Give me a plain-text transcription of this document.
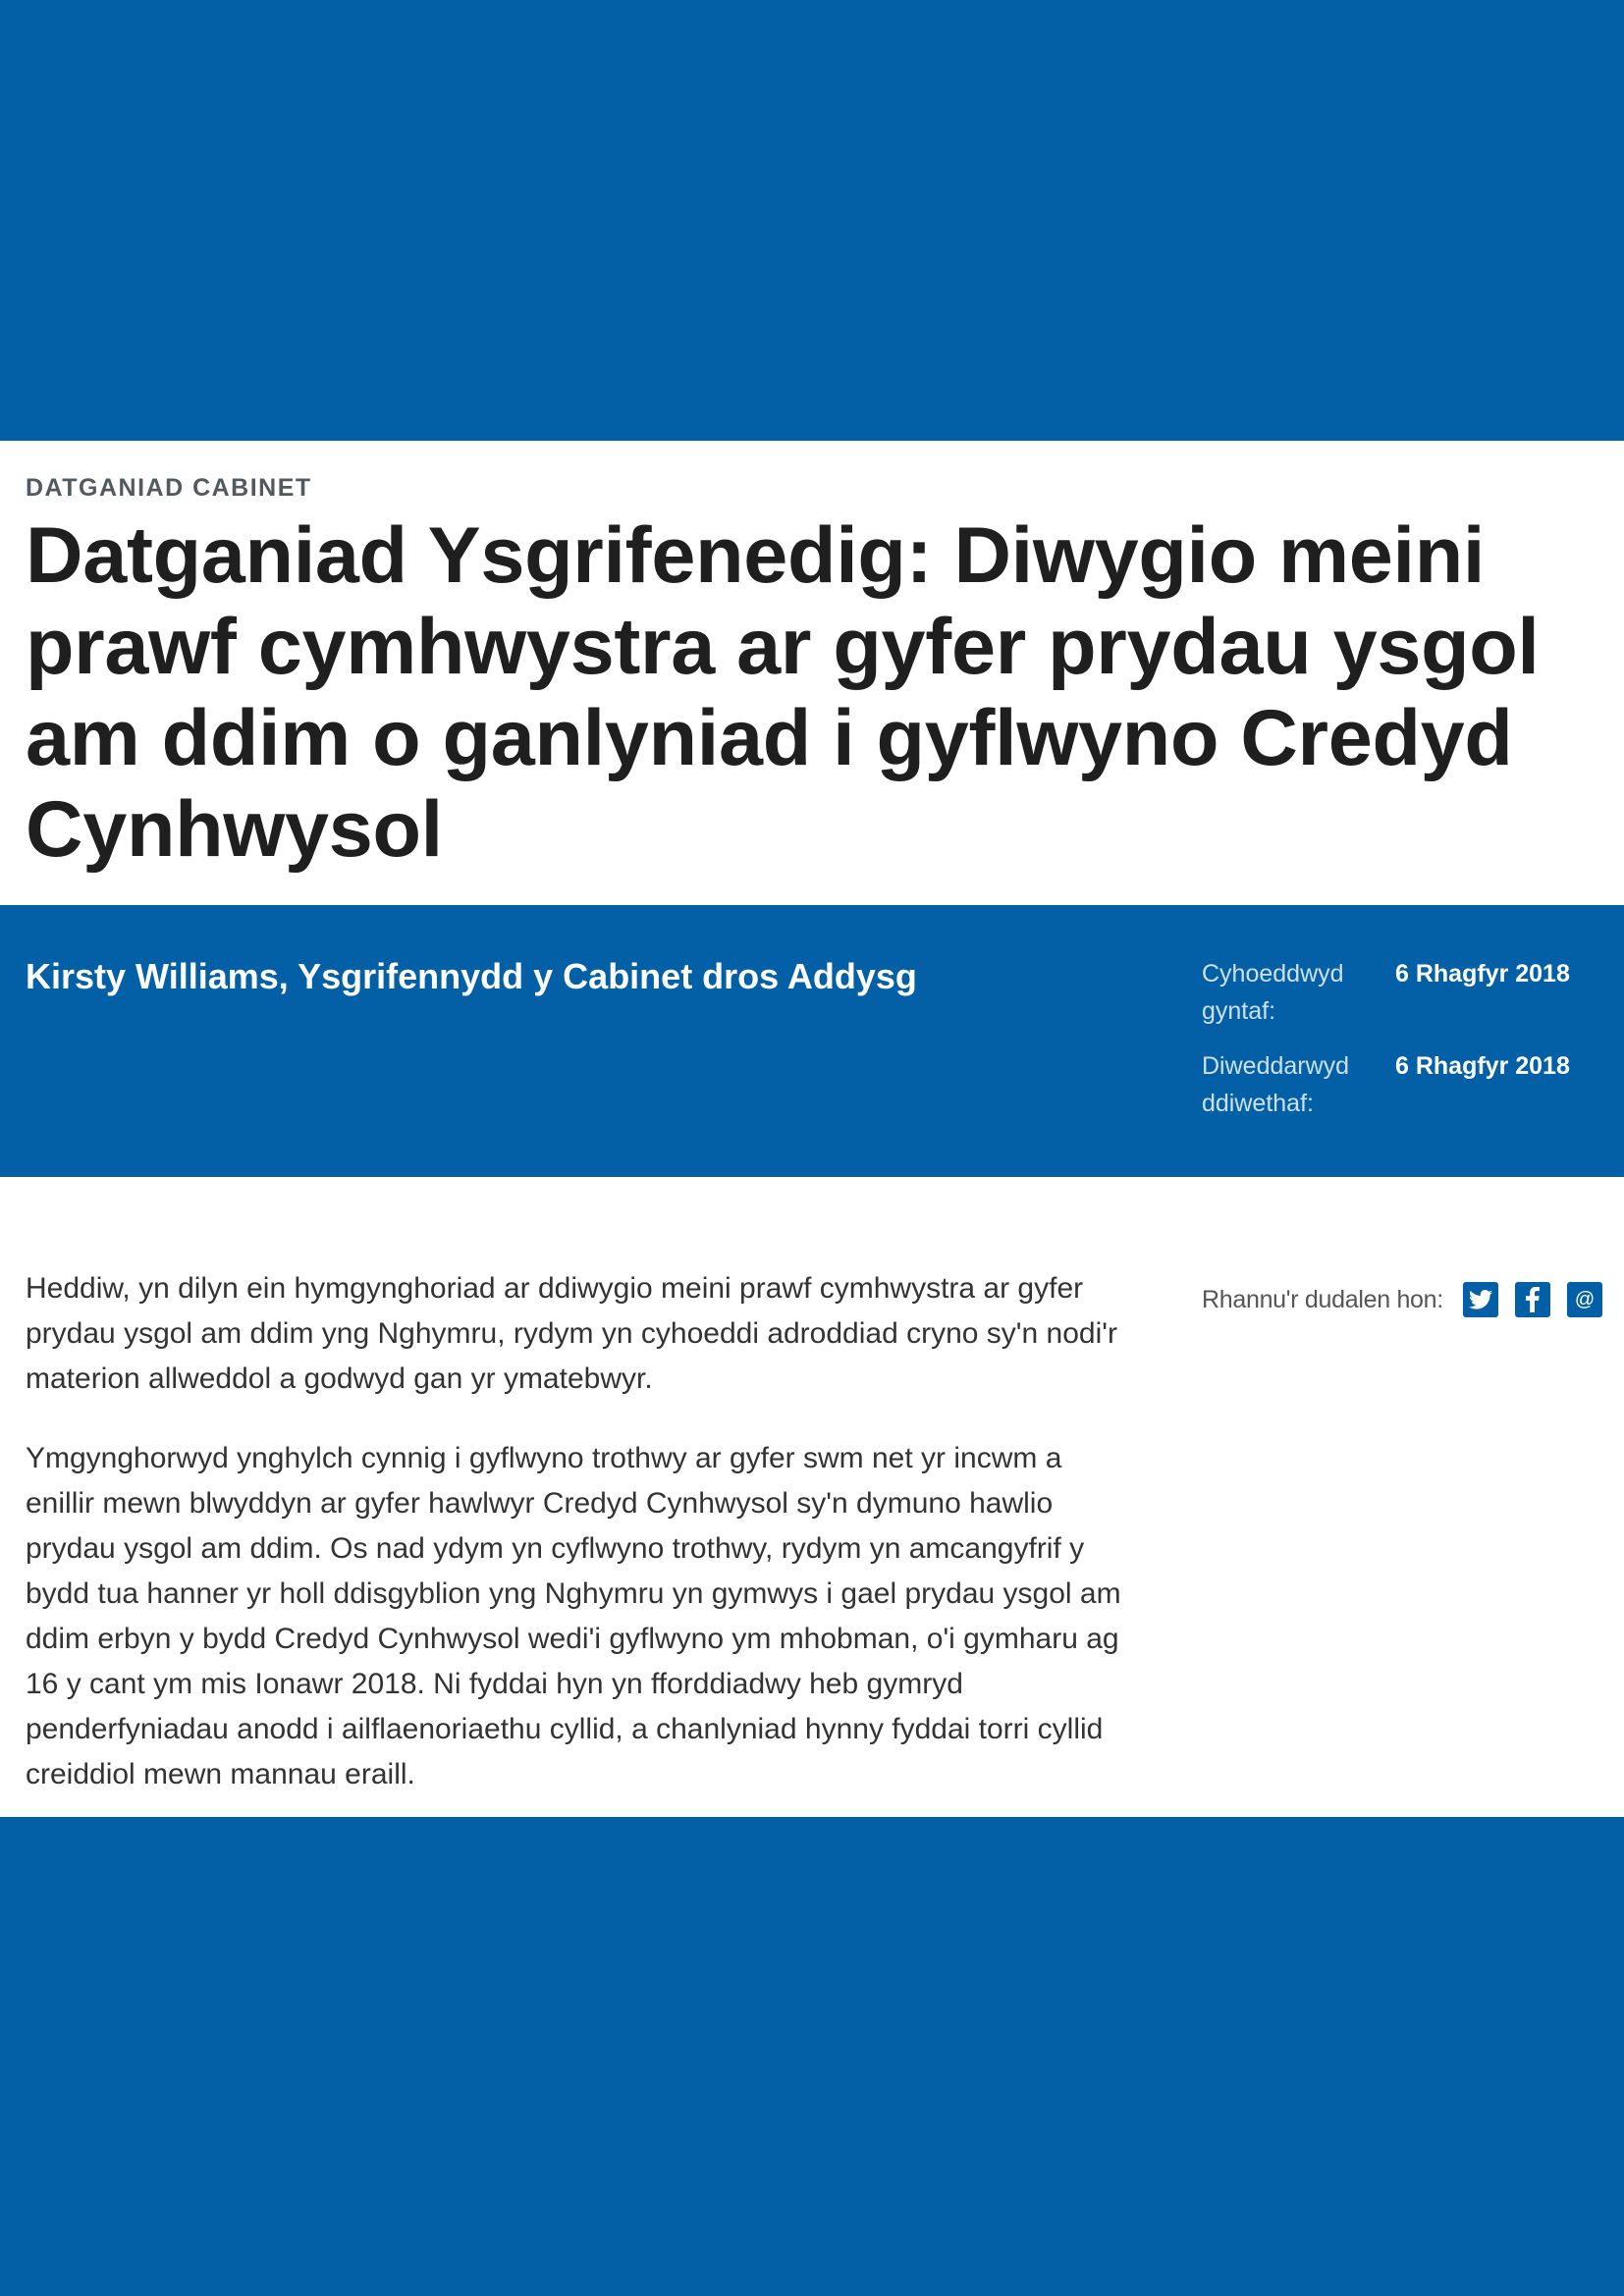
DATGANIAD CABINET

Datganiad Ysgrifenedig: Diwygio meini prawf cymhwystra ar gyfer prydau ysgol am ddim o ganlyniad i gyflwyno Credyd Cynhwysol

Kirsty Williams, Ysgrifennydd y Cabinet dros Addysg	Cyhoeddwyd gyntaf:
6 Rhagfyr 2018
Diweddarwyd ddiwethaf:
6 Rhagfyr 2018

Heddiw, yn dilyn ein hymgynghoriad ar ddiwygio meini prawf cymhwystra ar gyfer prydau ysgol am ddim yng Nghymru, rydym yn cyhoeddi adroddiad cryno sy'n nodi'r materion allweddol a godwyd gan yr ymatebwyr.

Ymgynghorwyd ynghylch cynnig i gyflwyno trothwy ar gyfer swm net yr incwm a enillir mewn blwyddyn ar gyfer hawlwyr Credyd Cynhwysol sy'n dymuno hawlio prydau ysgol am ddim. Os nad ydym yn cyflwyno trothwy, rydym yn amcangyfrif y bydd tua hanner yr holl ddisgyblion yng Nghymru yn gymwys i gael prydau ysgol am ddim erbyn y bydd Credyd Cynhwysol wedi'i gyflwyno ym mhobman, o'i gymharu ag 16 y cant ym mis Ionawr 2018. Ni fyddai hyn yn fforddiadwy heb gymryd penderfyniadau anodd i ailflaenoriaethu cyllid, a chanlyniad hynny fyddai torri cyllid creiddiol mewn mannau eraill.

Rhannu'r dudalen hon:	@
